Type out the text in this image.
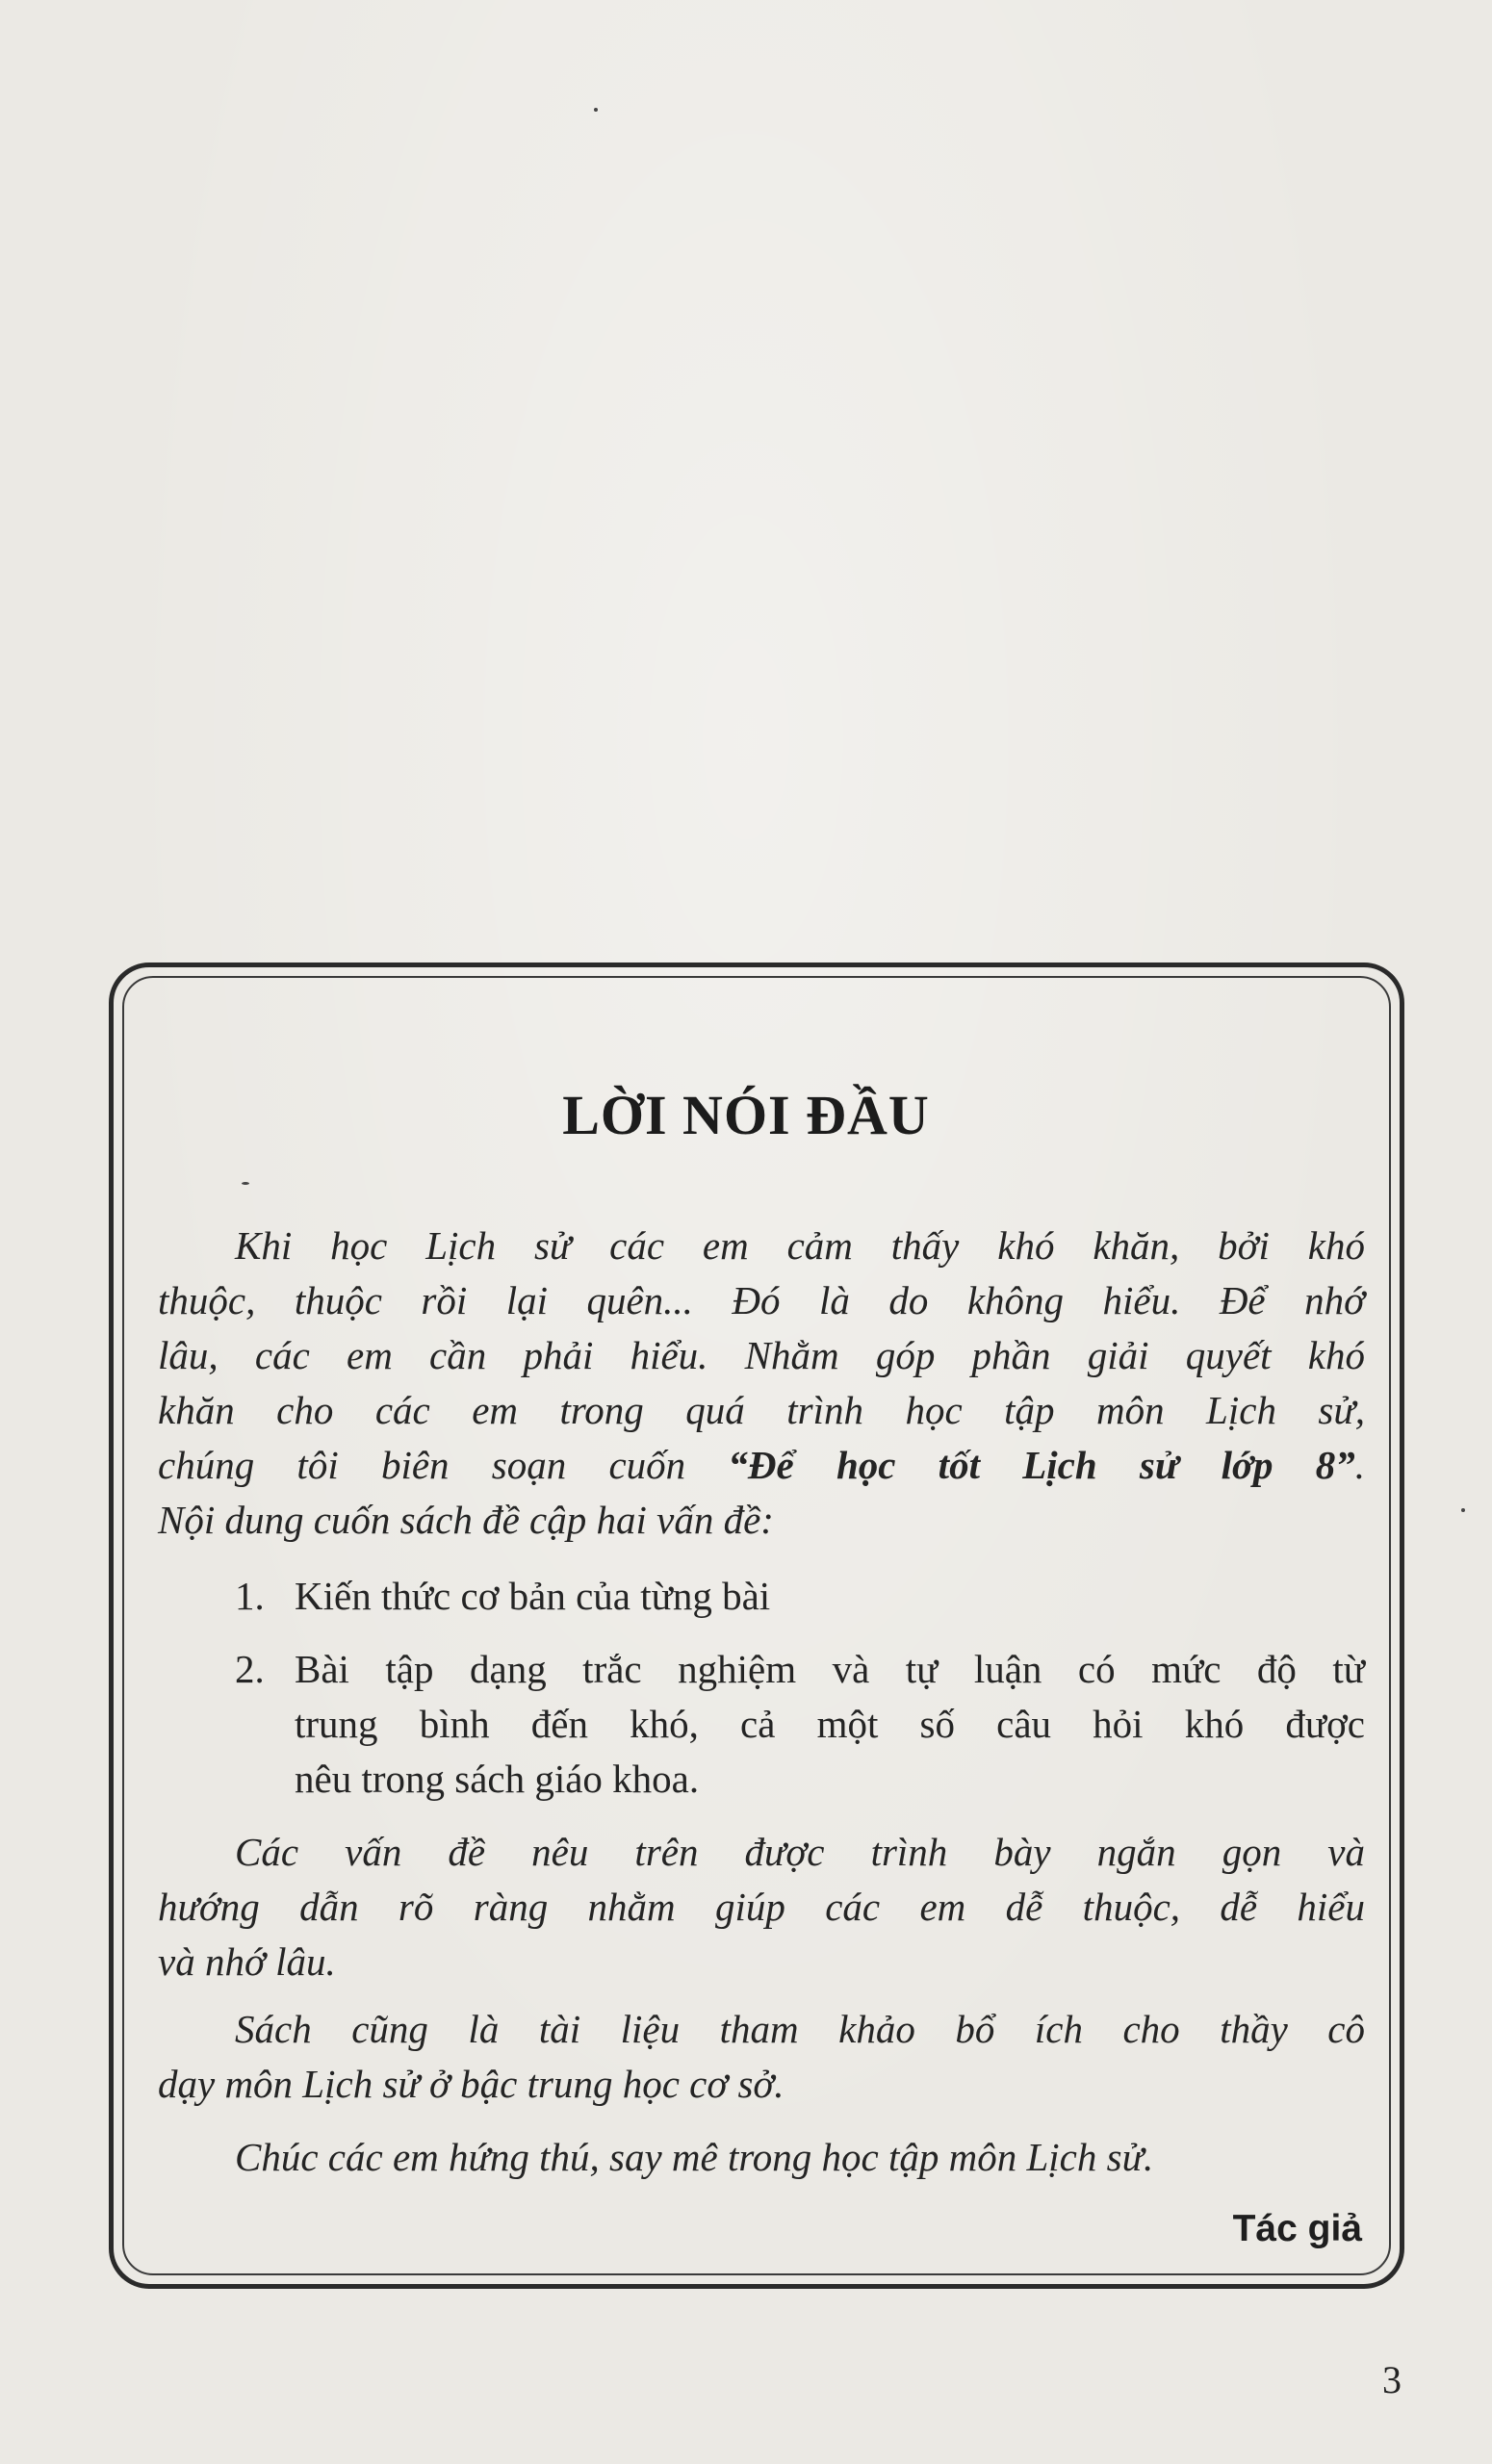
LỜI NÓI ĐẦU
Khi học Lịch sử các em cảm thấy khó khăn, bởi khó
thuộc, thuộc rồi lại quên... Đó là do không hiểu. Để nhớ
lâu, các em cần phải hiểu. Nhằm góp phần giải quyết khó
khăn cho các em trong quá trình học tập môn Lịch sử,
chúng tôi biên soạn cuốn “Để học tốt Lịch sử lớp 8”.
Nội dung cuốn sách đề cập hai vấn đề:
1. Kiến thức cơ bản của từng bài
2. Bài tập dạng trắc nghiệm và tự luận có mức độ từ
trung bình đến khó, cả một số câu hỏi khó được
nêu trong sách giáo khoa.
Các vấn đề nêu trên được trình bày ngắn gọn và
hướng dẫn rõ ràng nhằm giúp các em dễ thuộc, dễ hiểu
và nhớ lâu.
Sách cũng là tài liệu tham khảo bổ ích cho thầy cô
dạy môn Lịch sử ở bậc trung học cơ sở.
Chúc các em hứng thú, say mê trong học tập môn Lịch sử.
Tác giả
3
